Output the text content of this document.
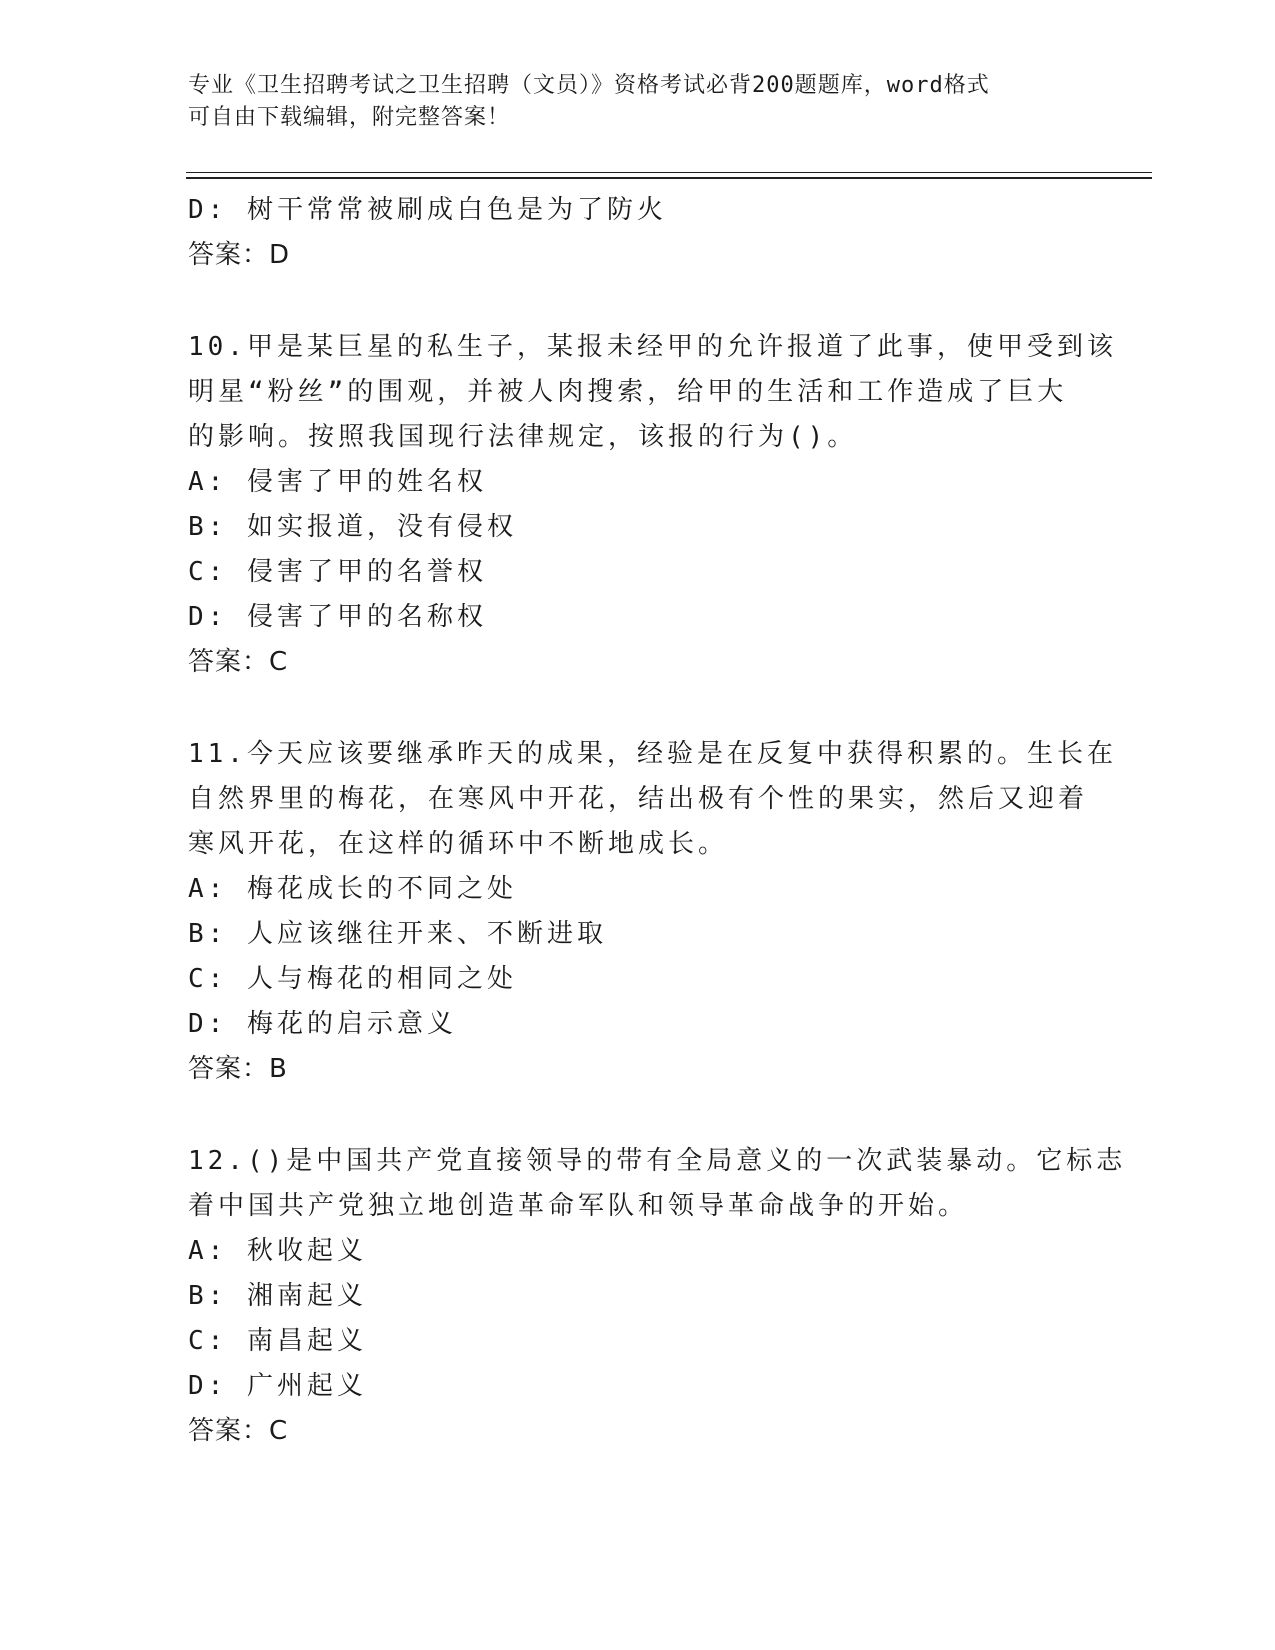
专业《卫生招聘考试之卫生招聘（文员）》资格考试必背200题题库，word格式
可自由下载编辑，附完整答案！
D: 树干常常被刷成白色是为了防火
答案：D
10.甲是某巨星的私生子，某报未经甲的允许报道了此事，使甲受到该
明星“粉丝”的围观，并被人肉搜索，给甲的生活和工作造成了巨大
的影响。按照我国现行法律规定，该报的行为()。
A: 侵害了甲的姓名权
B: 如实报道，没有侵权
C: 侵害了甲的名誉权
D: 侵害了甲的名称权
答案：C
11.今天应该要继承昨天的成果，经验是在反复中获得积累的。生长在
自然界里的梅花，在寒风中开花，结出极有个性的果实，然后又迎着
寒风开花，在这样的循环中不断地成长。
A: 梅花成长的不同之处
B: 人应该继往开来、不断进取
C: 人与梅花的相同之处
D: 梅花的启示意义
答案：B
12.()是中国共产党直接领导的带有全局意义的一次武装暴动。它标志
着中国共产党独立地创造革命军队和领导革命战争的开始。
A: 秋收起义
B: 湘南起义
C: 南昌起义
D: 广州起义
答案：C
